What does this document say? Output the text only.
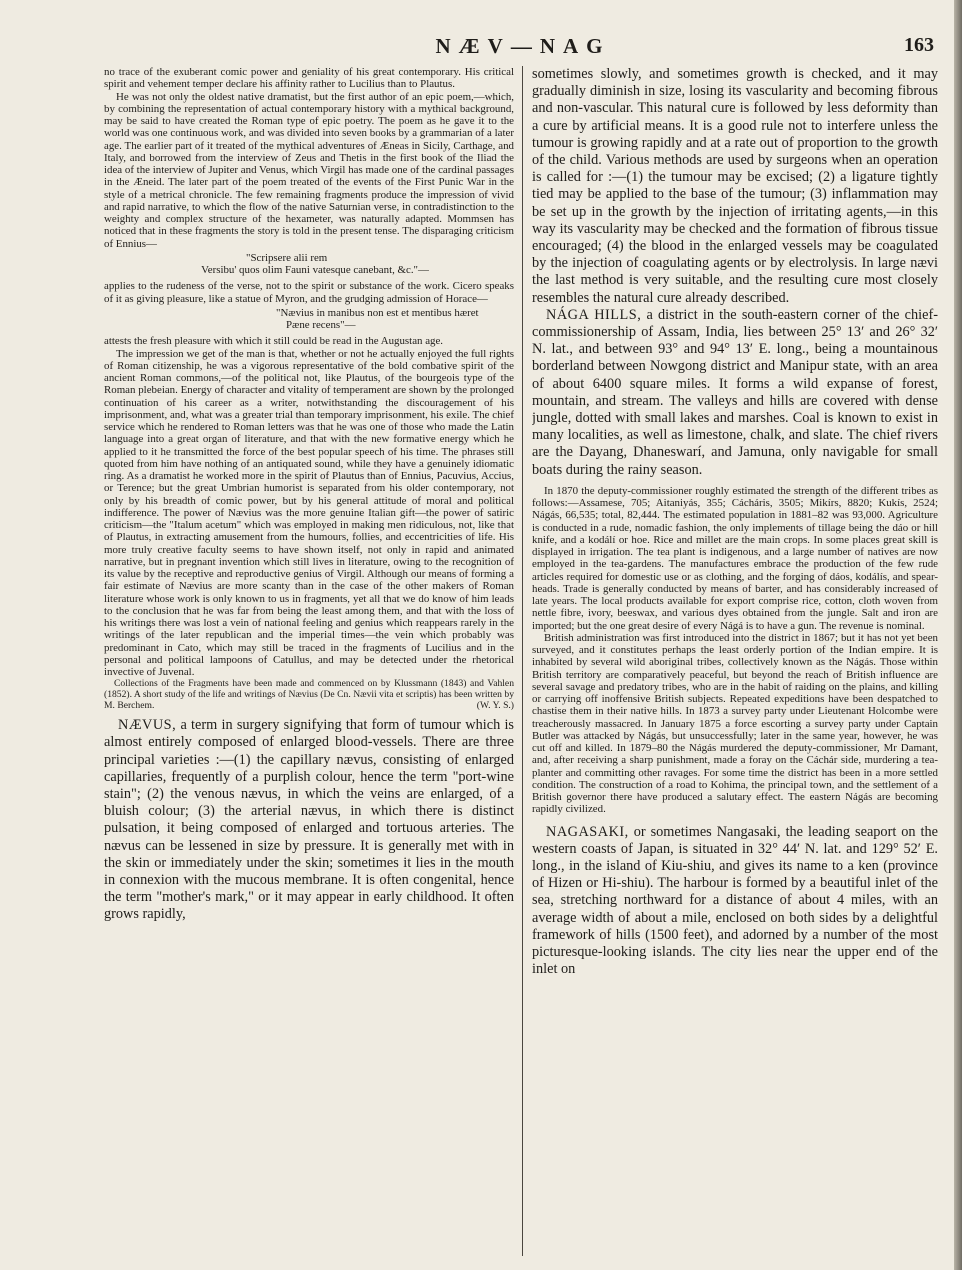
NÆV—NAG	163

no trace of the exuberant comic power and geniality of his great contemporary. His critical spirit and vehement temper declare his affinity rather to Lucilius than to Plautus.

He was not only the oldest native dramatist, but the first author of an epic poem,—which, by combining the representation of actual contemporary history with a mythical background, may be said to have created the Roman type of epic poetry. The poem as he gave it to the world was one continuous work, and was divided into seven books by a grammarian of a later age. The earlier part of it treated of the mythical adventures of Æneas in Sicily, Carthage, and Italy, and borrowed from the interview of Zeus and Thetis in the first book of the Iliad the idea of the interview of Jupiter and Venus, which Virgil has made one of the cardinal passages in the Æneid. The later part of the poem treated of the events of the First Punic War in the style of a metrical chronicle. The few remaining fragments produce the impression of vivid and rapid narrative, to which the flow of the native Saturnian verse, in contradistinction to the weighty and complex structure of the hexameter, was naturally adapted. Mommsen has noticed that in these fragments the story is told in the present tense. The disparaging criticism of Ennius—

"Scripsere alii rem
Versibu' quos olim Fauni vatesque canebant, &c."—

applies to the rudeness of the verse, not to the spirit or substance of the work. Cicero speaks of it as giving pleasure, like a statue of Myron, and the grudging admission of Horace—

"Nævius in manibus non est et mentibus hæret
Pæne recens"—

attests the fresh pleasure with which it still could be read in the Augustan age.

The impression we get of the man is that, whether or not he actually enjoyed the full rights of Roman citizenship, he was a vigorous representative of the bold combative spirit of the ancient Roman commons,—of the political not, like Plautus, of the bourgeois type of the Roman plebeian. Energy of character and vitality of temperament are shown by the prolonged continuation of his career as a writer, notwithstanding the discouragement of his imprisonment, and, what was a greater trial than temporary imprisonment, his exile. The chief service which he rendered to Roman letters was that he was one of those who made the Latin language into a great organ of literature, and that with the new formative energy which he applied to it he transmitted the force of the best popular speech of his time. The phrases still quoted from him have nothing of an antiquated sound, while they have a genuinely idiomatic ring. As a dramatist he worked more in the spirit of Plautus than of Ennius, Pacuvius, Accius, or Terence; but the great Umbrian humorist is separated from his older contemporary, not only by his breadth of comic power, but by his general attitude of moral and political indifference. The power of Nævius was the more genuine Italian gift—the power of satiric criticism—the "Italum acetum" which was employed in making men ridiculous, not, like that of Plautus, in extracting amusement from the humours, follies, and eccentricities of life. His more truly creative faculty seems to have shown itself, not only in rapid and animated narrative, but in pregnant invention which still lives in literature, owing to the recognition of its value by the receptive and reproductive genius of Virgil. Although our means of forming a fair estimate of Nævius are more scanty than in the case of the other makers of Roman literature whose work is only known to us in fragments, yet all that we do know of him leads to the conclusion that he was far from being the least among them, and that with the loss of his writings there was lost a vein of national feeling and genius which reappears rarely in the writings of the later republican and the imperial times—the vein which probably was predominant in Cato, which may still be traced in the fragments of Lucilius and in the personal and political lampoons of Catullus, and may be detected under the rhetorical invective of Juvenal.

Collections of the Fragments have been made and commenced on by Klussmann (1843) and Vahlen (1852). A short study of the life and writings of Nævius (De Cn. Nævii vita et scriptis) has been written by M. Berchem.	(W. Y. S.)

NÆVUS, a term in surgery signifying that form of tumour which is almost entirely composed of enlarged blood-vessels. There are three principal varieties :—(1) the capillary nævus, consisting of enlarged capillaries, frequently of a purplish colour, hence the term "port-wine stain"; (2) the venous nævus, in which the veins are enlarged, of a bluish colour; (3) the arterial nævus, in which there is distinct pulsation, it being composed of enlarged and tortuous arteries. The nævus can be lessened in size by pressure. It is generally met with in the skin or immediately under the skin; sometimes it lies in the mouth in connexion with the mucous membrane. It is often congenital, hence the term "mother's mark," or it may appear in early childhood. It often grows rapidly,

sometimes slowly, and sometimes growth is checked, and it may gradually diminish in size, losing its vascularity and becoming fibrous and non-vascular. This natural cure is followed by less deformity than a cure by artificial means. It is a good rule not to interfere unless the tumour is growing rapidly and at a rate out of proportion to the growth of the child. Various methods are used by surgeons when an operation is called for :—(1) the tumour may be excised; (2) a ligature tightly tied may be applied to the base of the tumour; (3) inflammation may be set up in the growth by the injection of irritating agents,—in this way its vascularity may be checked and the formation of fibrous tissue encouraged; (4) the blood in the enlarged vessels may be coagulated by the injection of coagulating agents or by electrolysis. In large nævi the last method is very suitable, and the resulting cure most closely resembles the natural cure already described.

NÁGA HILLS, a district in the south-eastern corner of the chief-commissionership of Assam, India, lies between 25° 13′ and 26° 32′ N. lat., and between 93° and 94° 13′ E. long., being a mountainous borderland between Nowgong district and Manipur state, with an area of about 6400 square miles. It forms a wild expanse of forest, mountain, and stream. The valleys and hills are covered with dense jungle, dotted with small lakes and marshes. Coal is known to exist in many localities, as well as limestone, chalk, and slate. The chief rivers are the Dayang, Dhaneswarí, and Jamuna, only navigable for small boats during the rainy season.

In 1870 the deputy-commissioner roughly estimated the strength of the different tribes as follows:—Assamese, 705; Aitaniyás, 355; Cácháris, 3505; Mikírs, 8820; Kukís, 2524; Nágás, 66,535; total, 82,444. The estimated population in 1881–82 was 93,000. Agriculture is conducted in a rude, nomadic fashion, the only implements of tillage being the dáo or hill knife, and a kodálí or hoe. Rice and millet are the main crops. In some places great skill is displayed in irrigation. The tea plant is indigenous, and a large number of natives are now employed in the tea-gardens. The manufactures embrace the production of the few rude articles required for domestic use or as clothing, and the forging of dáos, kodálís, and spear-heads. Trade is generally conducted by means of barter, and has considerably increased of late years. The local products available for export comprise rice, cotton, cloth woven from nettle fibre, ivory, beeswax, and various dyes obtained from the jungle. Salt and iron are imported; but the one great desire of every Nágá is to have a gun. The revenue is nominal.

British administration was first introduced into the district in 1867; but it has not yet been surveyed, and it constitutes perhaps the least orderly portion of the Indian empire. It is inhabited by several wild aboriginal tribes, collectively known as the Nágás. Those within British territory are comparatively peaceful, but beyond the reach of British influence are several savage and predatory tribes, who are in the habit of raiding on the plains, and killing or carrying off inoffensive British subjects. Repeated expeditions have been despatched to chastise them in their native hills. In 1873 a survey party under Lieutenant Holcombe were treacherously massacred. In January 1875 a force escorting a survey party under Captain Butler was attacked by Nágás, but unsuccessfully; later in the same year, however, he was cut off and killed. In 1879–80 the Nágás murdered the deputy-commissioner, Mr Damant, and, after receiving a sharp punishment, made a foray on the Cáchár side, murdering a tea-planter and committing other ravages. For some time the district has been in a more settled condition. The construction of a road to Kohima, the principal town, and the settlement of a British governor there have produced a salutary effect. The eastern Nágás are becoming rapidly civilized.

NAGASAKI, or sometimes Nangasaki, the leading seaport on the western coasts of Japan, is situated in 32° 44′ N. lat. and 129° 52′ E. long., in the island of Kiu-shiu, and gives its name to a ken (province of Hizen or Hi-shiu). The harbour is formed by a beautiful inlet of the sea, stretching northward for a distance of about 4 miles, with an average width of about a mile, enclosed on both sides by a delightful framework of hills (1500 feet), and adorned by a number of the most picturesque-looking islands. The city lies near the upper end of the inlet on
